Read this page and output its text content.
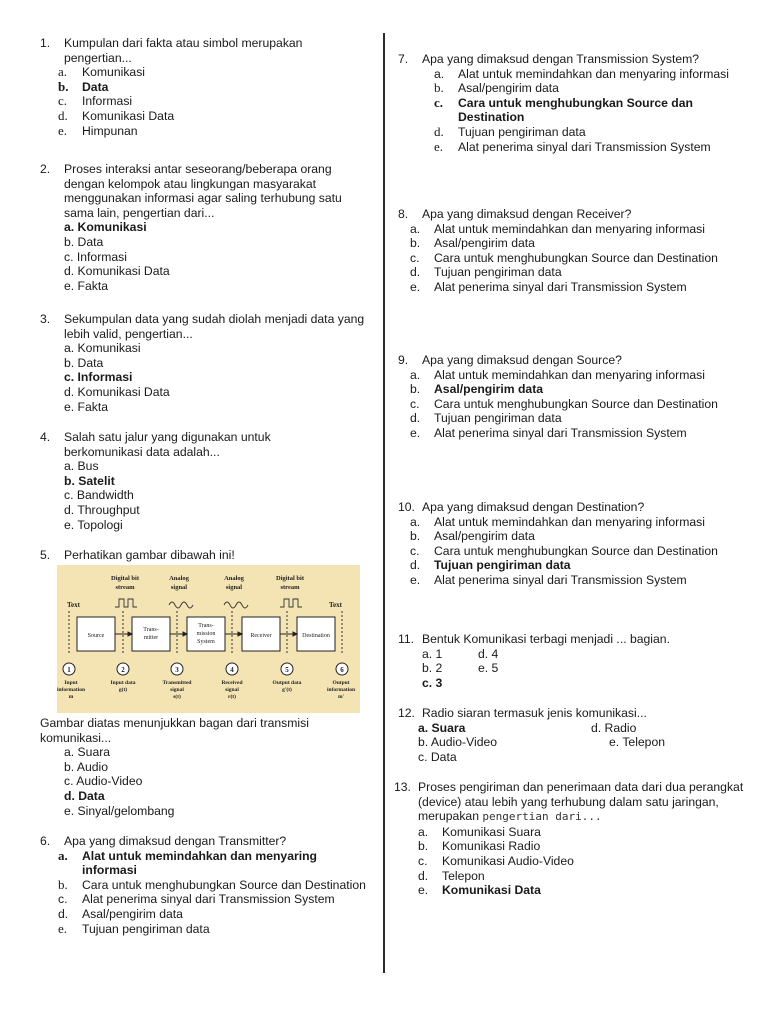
1.	Kumpulan dari fakta atau simbol merupakan pengertian...
a.	Komunikasi
b.	Data
c.	Informasi
d.	Komunikasi Data
e.	Himpunan
2.	Proses interaksi antar seseorang/beberapa orang dengan kelompok atau lingkungan masyarakat menggunakan informasi agar saling terhubung satu sama lain, pengertian dari...
a. Komunikasi
b. Data
c. Informasi
d. Komunikasi Data
e. Fakta
3.	Sekumpulan data yang sudah diolah menjadi data yang lebih valid, pengertian...
a. Komunikasi
b. Data
c. Informasi
d. Komunikasi Data
e. Fakta
4.	Salah satu jalur yang digunakan untuk berkomunikasi data adalah...
a. Bus
b. Satelit
c. Bandwidth
d. Throughput
e. Topologi
5.	Perhatikan gambar dibawah ini!
Digital bit stream
Analog signal
Analog signal
Digital bit stream
Text	Text
Source
Trans-mitter
Trans-mission System
Receiver	Destination
1	2	3	4	5	6
Input information m
Input data g(t)
Transmitted signal s(t)
Received signal r(t)
Output data g'(t)
Output information m'
Gambar diatas menunjukkan bagan dari transmisi komunikasi...
a. Suara
b. Audio
c. Audio-Video
d. Data
e. Sinyal/gelombang
6.	Apa yang dimaksud dengan Transmitter?
a.	Alat untuk memindahkan dan menyaring informasi
b.	Cara untuk menghubungkan Source dan Destination
c.	Alat penerima sinyal dari Transmission System
d.	Asal/pengirim data
e.	Tujuan pengiriman data
7.	Apa yang dimaksud dengan Transmission System?
a.	Alat untuk memindahkan dan menyaring informasi
b.	Asal/pengirim data
c.	Cara untuk menghubungkan Source dan Destination
d.	Tujuan pengiriman data
e.	Alat penerima sinyal dari Transmission System
8.	Apa yang dimaksud dengan Receiver?
a.	Alat untuk memindahkan dan menyaring informasi
b.	Asal/pengirim data
c.	Cara untuk menghubungkan Source dan Destination
d.	Tujuan pengiriman data
e.	Alat penerima sinyal dari Transmission System
9.	Apa yang dimaksud dengan Source?
a.	Alat untuk memindahkan dan menyaring informasi
b.	Asal/pengirim data
c.	Cara untuk menghubungkan Source dan Destination
d.	Tujuan pengiriman data
e.	Alat penerima sinyal dari Transmission System
10. Apa yang dimaksud dengan Destination?
a.	Alat untuk memindahkan dan menyaring informasi
b.	Asal/pengirim data
c.	Cara untuk menghubungkan Source dan Destination
d.	Tujuan pengiriman data
e.	Alat penerima sinyal dari Transmission System
11. Bentuk Komunikasi terbagi menjadi ... bagian.
a. 1	d. 4
b. 2	e. 5
c. 3
12. Radio siaran termasuk jenis komunikasi...
a. Suara	d. Radio
b. Audio-Video	e. Telepon
c. Data
13. Proses pengiriman dan penerimaan data dari dua perangkat (device) atau lebih yang terhubung dalam satu jaringan, merupakan pengertian dari...
a.	Komunikasi Suara
b.	Komunikasi Radio
c.	Komunikasi Audio-Video
d.	Telepon
e.	Komunikasi Data
